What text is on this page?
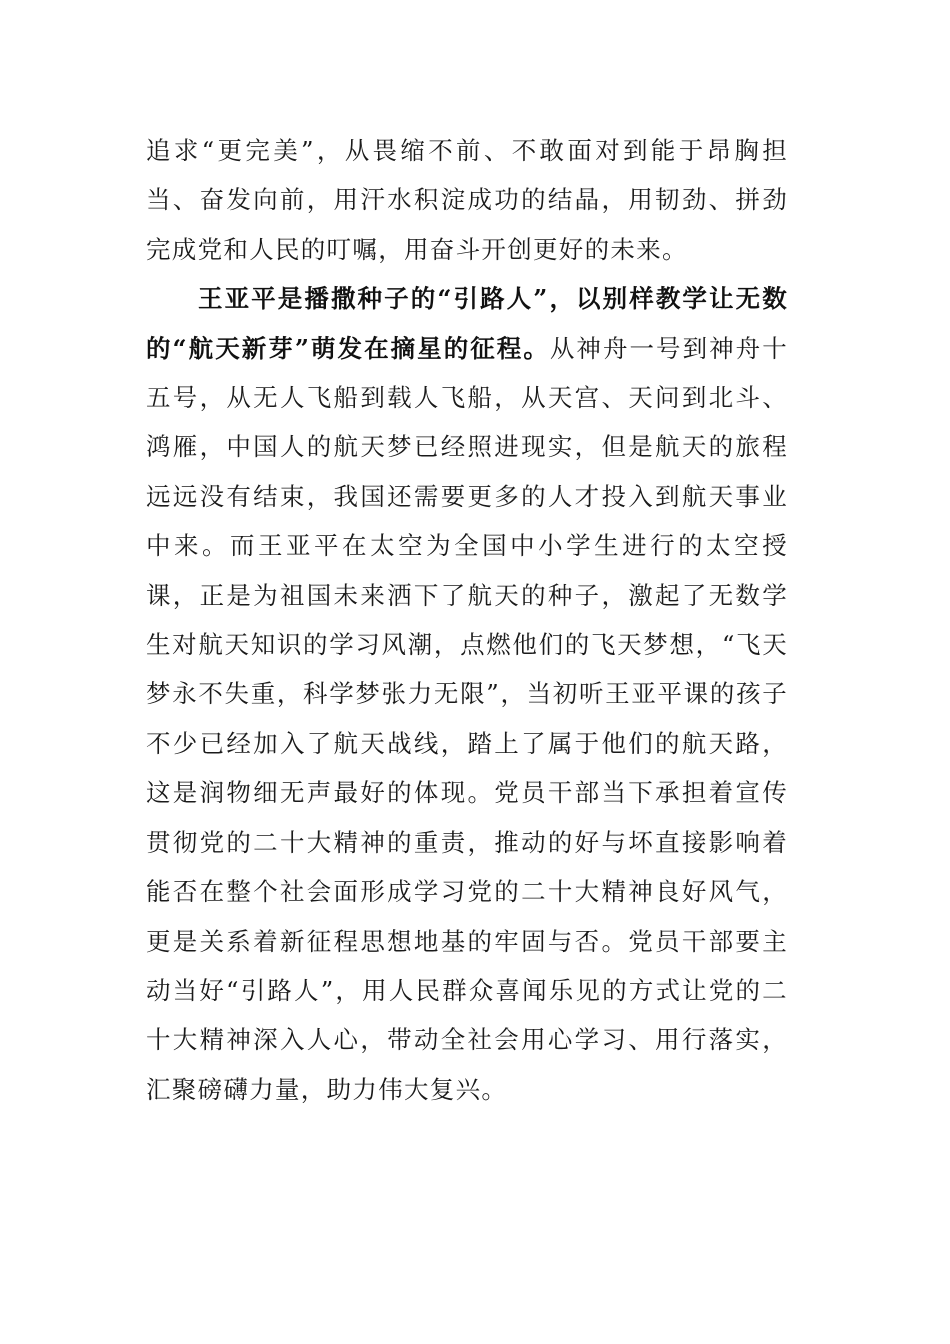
追求“更完美”，从畏缩不前、不敢面对到能于昂胸担当、奋发向前，用汗水积淀成功的结晶，用韧劲、拼劲完成党和人民的叮嘱，用奋斗开创更好的未来。

王亚平是播撒种子的“引路人”，以别样教学让无数的“航天新芽”萌发在摘星的征程。从神舟一号到神舟十五号，从无人飞船到载人飞船，从天宫、天问到北斗、鸿雁，中国人的航天梦已经照进现实，但是航天的旅程远远没有结束，我国还需要更多的人才投入到航天事业中来。而王亚平在太空为全国中小学生进行的太空授课，正是为祖国未来洒下了航天的种子，激起了无数学生对航天知识的学习风潮，点燃他们的飞天梦想，“飞天梦永不失重，科学梦张力无限”，当初听王亚平课的孩子不少已经加入了航天战线，踏上了属于他们的航天路，这是润物细无声最好的体现。党员干部当下承担着宣传贯彻党的二十大精神的重责，推动的好与坏直接影响着能否在整个社会面形成学习党的二十大精神良好风气，更是关系着新征程思想地基的牢固与否。党员干部要主动当好“引路人”，用人民群众喜闻乐见的方式让党的二十大精神深入人心，带动全社会用心学习、用行落实，汇聚磅礴力量，助力伟大复兴。
